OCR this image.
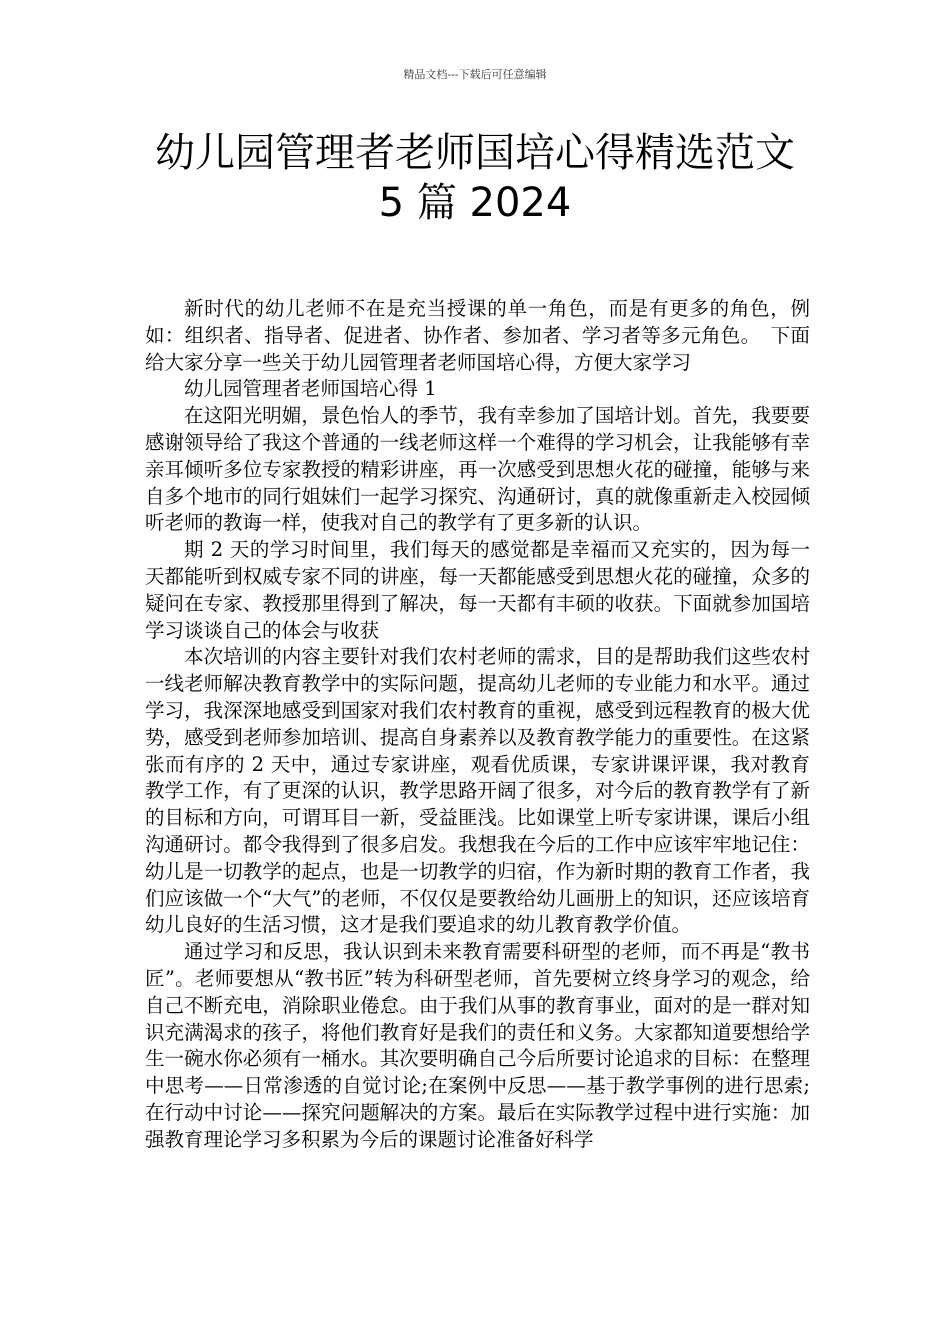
精品文档---下载后可任意编辑
幼儿园管理者老师国培心得精选范文 5 篇 2024

新时代的幼儿老师不在是充当授课的单一角色，而是有更多的角色，例如：组织者、指导者、促进者、协作者、参加者、学习者等多元角色。　下面给大家分享一些关于幼儿园管理者老师国培心得，方便大家学习

幼儿园管理者老师国培心得 1

在这阳光明媚，景色怡人的季节，我有幸参加了国培计划。首先，我要要感谢领导给了我这个普通的一线老师这样一个难得的学习机会，让我能够有幸亲耳倾听多位专家教授的精彩讲座，再一次感受到思想火花的碰撞，能够与来自多个地市的同行姐妹们一起学习探究、沟通研讨，真的就像重新走入校园倾听老师的教诲一样，使我对自己的教学有了更多新的认识。

期 2 天的学习时间里，我们每天的感觉都是幸福而又充实的，因为每一天都能听到权威专家不同的讲座，每一天都能感受到思想火花的碰撞，众多的疑问在专家、教授那里得到了解决，每一天都有丰硕的收获。下面就参加国培学习谈谈自己的体会与收获

本次培训的内容主要针对我们农村老师的需求，目的是帮助我们这些农村一线老师解决教育教学中的实际问题，提高幼儿老师的专业能力和水平。通过学习，我深深地感受到国家对我们农村教育的重视，感受到远程教育的极大优势，感受到老师参加培训、提高自身素养以及教育教学能力的重要性。在这紧张而有序的 2 天中，通过专家讲座，观看优质课，专家讲课评课，我对教育教学工作，有了更深的认识，教学思路开阔了很多，对今后的教育教学有了新的目标和方向，可谓耳目一新，受益匪浅。比如课堂上听专家讲课，课后小组沟通研讨。都令我得到了很多启发。我想我在今后的工作中应该牢牢地记住：幼儿是一切教学的起点，也是一切教学的归宿，作为新时期的教育工作者，我们应该做一个“大气”的老师，不仅仅是要教给幼儿画册上的知识，还应该培育幼儿良好的生活习惯，这才是我们要追求的幼儿教育教学价值。

通过学习和反思，我认识到未来教育需要科研型的老师，而不再是“教书匠”。老师要想从“教书匠”转为科研型老师，首先要树立终身学习的观念，给自己不断充电，消除职业倦怠。由于我们从事的教育事业，面对的是一群对知识充满渴求的孩子，将他们教育好是我们的责任和义务。大家都知道要想给学生一碗水你必须有一桶水。其次要明确自己今后所要讨论追求的目标：在整理中思考——日常渗透的自觉讨论;在案例中反思——基于教学事例的进行思索;在行动中讨论——探究问题解决的方案。最后在实际教学过程中进行实施：加强教育理论学习多积累为今后的课题讨论准备好科学
